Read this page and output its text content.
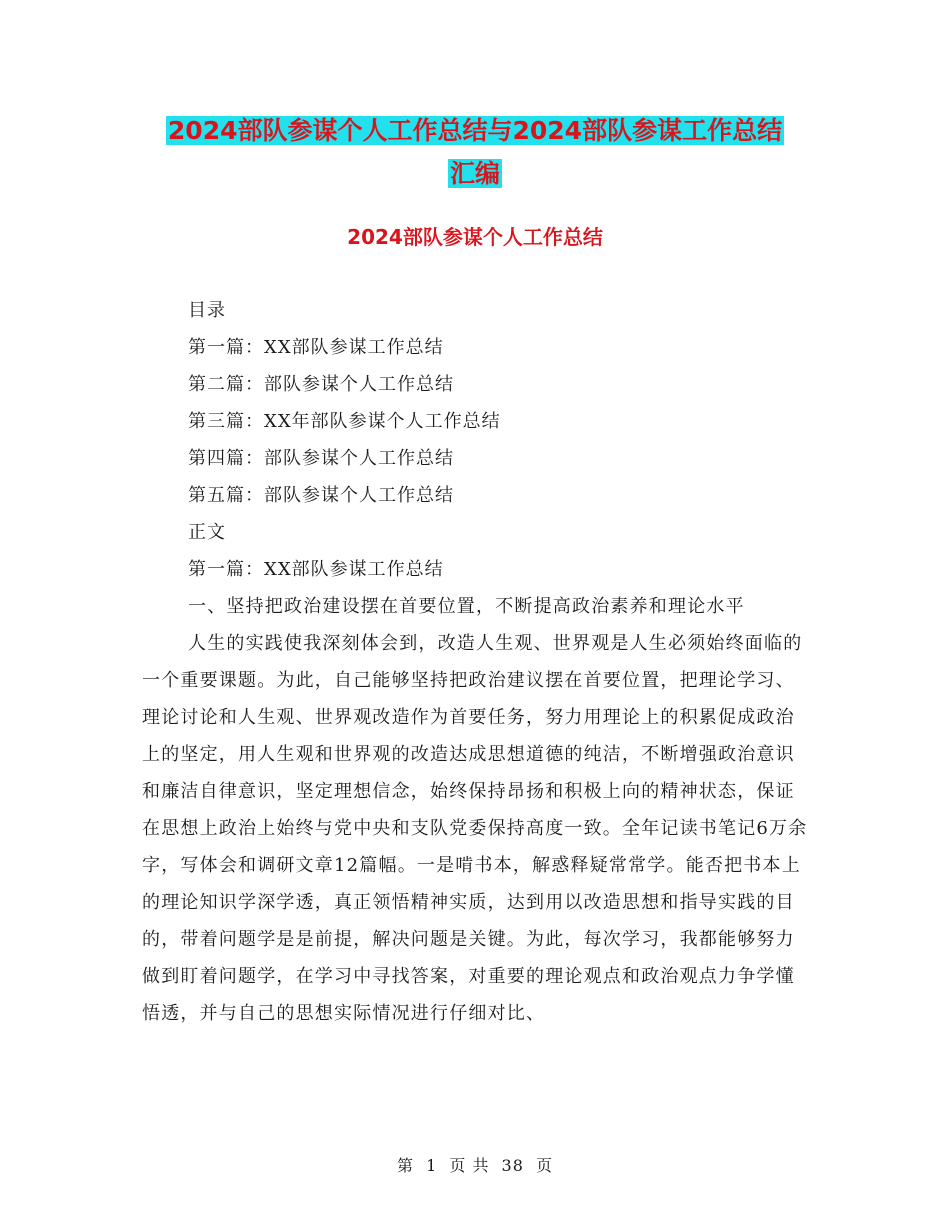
2024部队参谋个人工作总结与2024部队参谋工作总结
汇编
2024部队参谋个人工作总结
目录
第一篇：XX部队参谋工作总结
第二篇：部队参谋个人工作总结
第三篇：XX年部队参谋个人工作总结
第四篇：部队参谋个人工作总结
第五篇：部队参谋个人工作总结
正文
第一篇：XX部队参谋工作总结

一、坚持把政治建设摆在首要位置，不断提高政治素养和理论水平

人生的实践使我深刻体会到，改造人生观、世界观是人生必须始终面临的一个重要课题。为此，自己能够坚持把政治建议摆在首要位置，把理论学习、理论讨论和人生观、世界观改造作为首要任务，努力用理论上的积累促成政治上的坚定，用人生观和世界观的改造达成思想道德的纯洁，不断增强政治意识和廉洁自律意识，坚定理想信念，始终保持昂扬和积极上向的精神状态，保证在思想上政治上始终与党中央和支队党委保持高度一致。全年记读书笔记6万余字，写体会和调研文章12篇幅。一是啃书本，解惑释疑常常学。能否把书本上的理论知识学深学透，真正领悟精神实质，达到用以改造思想和指导实践的目的，带着问题学是是前提，解决问题是关键。为此，每次学习，我都能够努力做到盯着问题学，在学习中寻找答案，对重要的理论观点和政治观点力争学懂悟透，并与自己的思想实际情况进行仔细对比、

第 1 页 共 38 页
